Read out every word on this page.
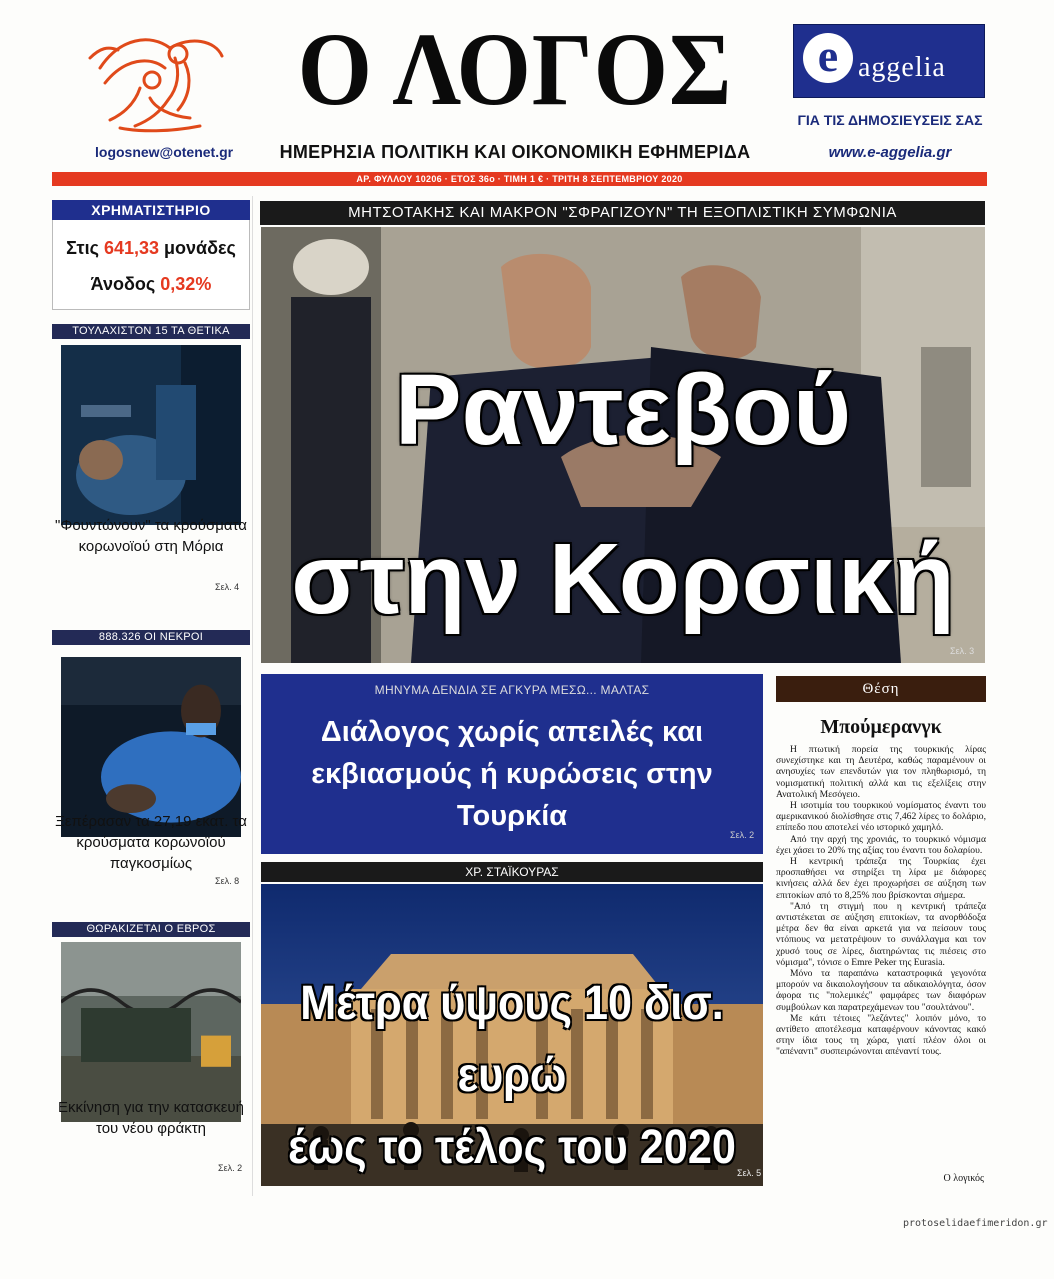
logosnew@otenet.gr
Ο ΛΟΓΟΣ
ΗΜΕΡΗΣΙΑ ΠΟΛΙΤΙΚΗ ΚΑΙ ΟΙΚΟΝΟΜΙΚΗ ΕΦΗΜΕΡΙΔΑ
e aggelia
ΓΙΑ ΤΙΣ ΔΗΜΟΣΙΕΥΣΕΙΣ ΣΑΣ
www.e-aggelia.gr
ΑΡ. ΦΥΛΛΟΥ 10206 · ΕΤΟΣ 36ο · ΤΙΜΗ 1 € · ΤΡΙΤΗ 8 ΣΕΠΤΕΜΒΡΙΟΥ 2020
ΧΡΗΜΑΤΙΣΤΗΡΙΟ
Στις 641,33 μονάδες
Άνοδος 0,32%
ΤΟΥΛΑΧΙΣΤΟΝ 15 ΤΑ ΘΕΤΙΚΑ
"Φουντώνουν" τα κρούσματα κορωνοϊού στη Μόρια
Σελ. 4
888.326 ΟΙ ΝΕΚΡΟΙ
Ξεπέρασαν τα 27,19 εκατ. τα κρούσματα κορωνοϊού παγκοσμίως
Σελ. 8
ΘΩΡΑΚΙΖΕΤΑΙ Ο ΕΒΡΟΣ
Εκκίνηση για την κατασκευή του νέου φράκτη
Σελ. 2
ΜΗΤΣΟΤΑΚΗΣ ΚΑΙ ΜΑΚΡΟΝ "ΣΦΡΑΓΙΖΟΥΝ" ΤΗ ΕΞΟΠΛΙΣΤΙΚΗ ΣΥΜΦΩΝΙΑ
Ραντεβού
στην Κορσική
Σελ. 3
ΜΗΝΥΜΑ ΔΕΝΔΙΑ ΣΕ ΑΓΚΥΡΑ ΜΕΣΩ... ΜΑΛΤΑΣ
Διάλογος χωρίς απειλές και εκβιασμούς ή κυρώσεις στην Τουρκία
Σελ. 2
ΧΡ. ΣΤΑΪΚΟΥΡΑΣ
Μέτρα ύψους 10 δισ. ευρώ
έως το τέλος του 2020 Σελ. 5
Θέση
Μπούμερανγκ

Η πτωτική πορεία της τουρκικής λίρας συνεχίστηκε και τη Δευτέρα, καθώς παραμένουν οι ανησυχίες των επενδυτών για τον πληθωρισμό, τη νομισματική πολιτική αλλά και τις εξελίξεις στην Ανατολική Μεσόγειο.

Η ισοτιμία του τουρκικού νομίσματος έναντι του αμερικανικού διολίσθησε στις 7,462 λίρες το δολάριο, επίπεδο που αποτελεί νέο ιστορικό χαμηλό.

Από την αρχή της χρονιάς, το τουρκικό νόμισμα έχει χάσει το 20% της αξίας του έναντι του δολαρίου.

Η κεντρική τράπεζα της Τουρκίας έχει προσπαθήσει να στηρίξει τη λίρα με διάφορες κινήσεις αλλά δεν έχει προχωρήσει σε αύξηση των επιτοκίων από το 8,25% που βρίσκονται σήμερα.

"Από τη στιγμή που η κεντρική τράπεζα αντιστέκεται σε αύξηση επιτοκίων, τα ανορθόδοξα μέτρα δεν θα είναι αρκετά για να πείσουν τους ντόπιους να μετατρέψουν το συνάλλαγμα και τον χρυσό τους σε λίρες, διατηρώντας τις πιέσεις στο νόμισμα", τόνισε ο Emre Peker της Eurasia.

Μόνο τα παραπάνω καταστροφικά γεγονότα μπορούν να δικαιολογήσουν τα αδικαιολόγητα, όσον άφορα τις "πολεμικές" φαμφάρες των διαφόρων συμβούλων και παρατρεχάμενων του "σουλτάνου".

Με κάτι τέτοιες "λεζάντες" λοιπόν μόνο, το αντίθετο αποτέλεσμα καταφέρνουν κάνοντας κακό στην ίδια τους τη χώρα, γιατί πλέον όλοι οι "απέναντι" συσπειρώνονται απέναντί τους.

Ο λογικός
protoselidaefimeridon.gr
